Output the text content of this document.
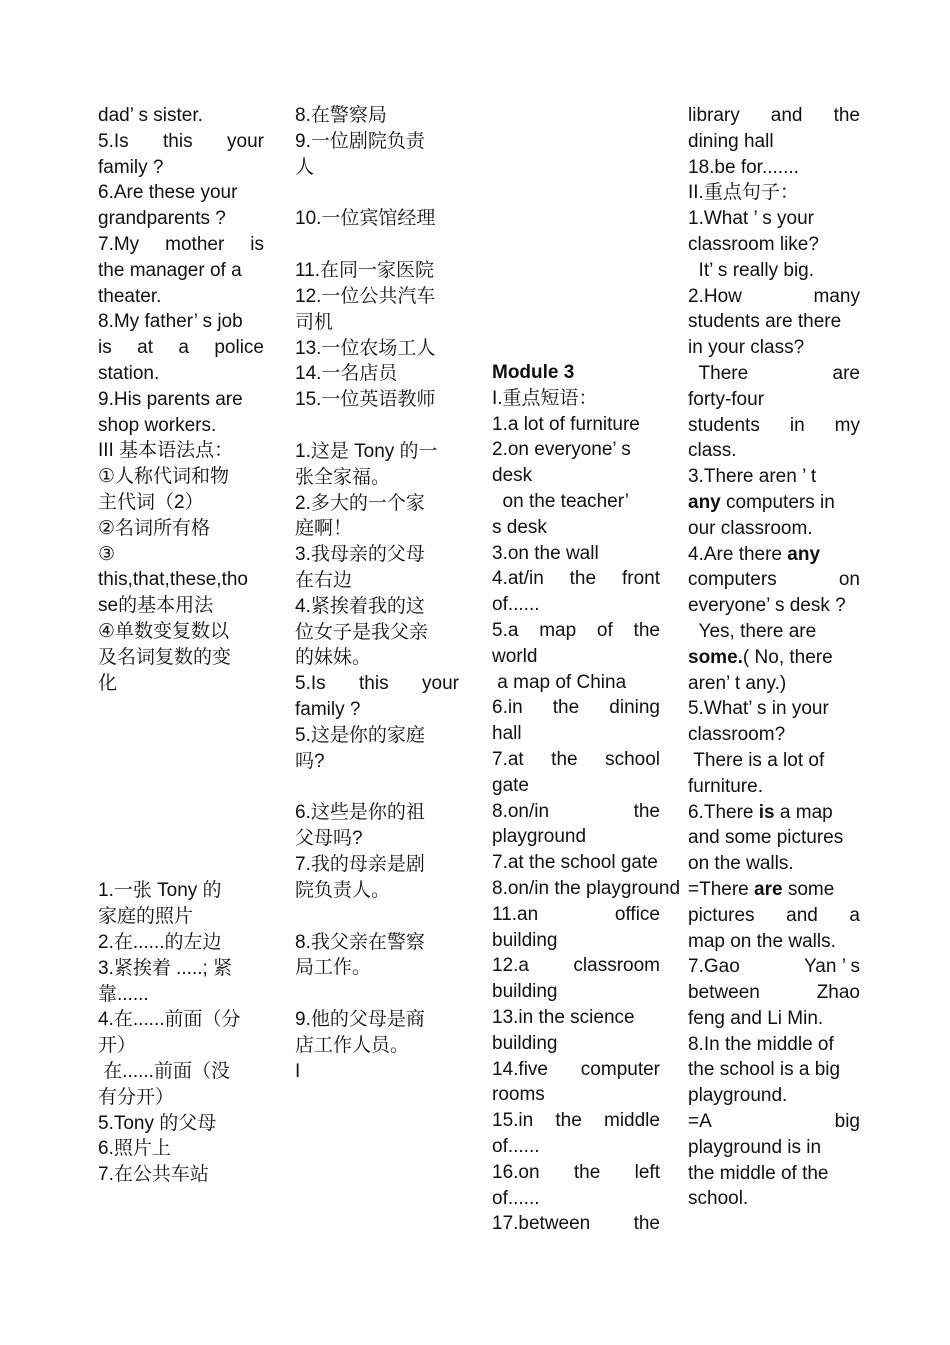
dad’ s sister.
5.Is this your
family ?
6.Are these your
grandparents ?
7.My mother is
the manager of a
theater.
8.My father’ s job
is at a police
station.
9.His parents are
shop workers.
III 基本语法点：
①人称代词和物
主代词（2）
②名词所有格
③
this,that,these,tho
se的基本用法
④单数变复数以
及名词复数的变
化
1.一张 Tony 的
家庭的照片
2.在......的左边
3.紧挨着 .....; 紧
靠......
4.在......前面（分
开）
在......前面（没
有分开）
5.Tony 的父母
6.照片上
7.在公共车站
8.在警察局
9.一位剧院负责
人
10.一位宾馆经理
11.在同一家医院
12.一位公共汽车
司机
13.一位农场工人
14.一名店员
15.一位英语教师
1.这是 Tony 的一
张全家福。
2.多大的一个家
庭啊！
3.我母亲的父母
在右边
4.紧挨着我的这
位女子是我父亲
的妹妹。
5.Is this your
family ?
5.这是你的家庭
吗?
6.这些是你的祖
父母吗?
7.我的母亲是剧
院负责人。
8.我父亲在警察
局工作。
9.他的父母是商
店工作人员。
I
Module 3
I.重点短语：
1.a lot of furniture
2.on everyone’ s
desk
on the teacher’
s desk
3.on the wall
4.at/in the front
of......
5.a map of the
world
a map of China
6.in the dining
hall
7.at the school
gate
8.on/in	the
playground
7.at the school gate
8.on/in the playground
11.an	office
building
12.a classroom
building
13.in the science
building
14.five computer
rooms
15.in the middle
of......
16.on the left
of......
17.between the
library and the
dining hall
18.be for.......
II.重点句子：
1.What ’ s your
classroom like?
It’ s really big.
2.How	many
students are there
in your class?
There	are
forty-four
students in my
class.
3.There aren ’ t
any computers in
our classroom.
4.Are there any
computers	on
everyone’ s desk ?
Yes, there are
some.( No, there
aren’ t any.)
5.What’ s in your
classroom?
There is a lot of
furniture.
6.There is a map
and some pictures
on the walls.
=There are some
pictures and a
map on the walls.
7.Gao	Yan ’ s
between	Zhao
feng and Li Min.
8.In the middle of
the school is a big
playground.
=A	big
playground is in
the middle of the
school.
